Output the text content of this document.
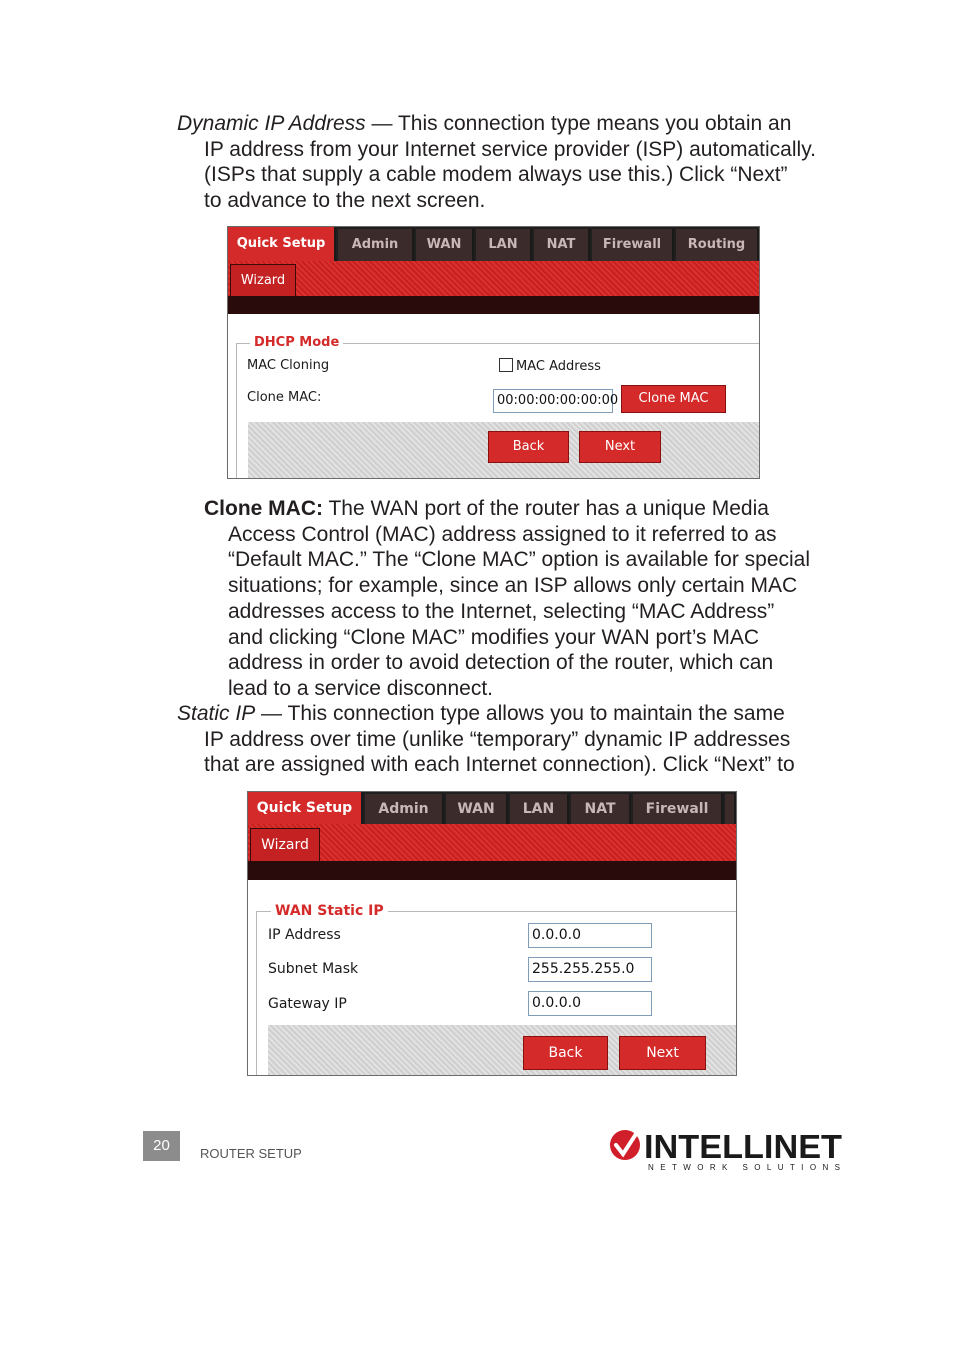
Dynamic IP Address — This connection type means you obtain an
IP address from your Internet service provider (ISP) automatically.
(ISPs that supply a cable modem always use this.) Click “Next”
to advance to the next screen.
Quick Setup	Admin	WAN	LAN	NAT	Firewall	Routing
Wizard
DHCP Mode
MAC Cloning	MAC Address
Clone MAC:	00:00:00:00:00:00	Clone MAC
Back	Next
Clone MAC: The WAN port of the router has a unique Media
Access Control (MAC) address assigned to it referred to as
“Default MAC.” The “Clone MAC” option is available for special
situations; for example, since an ISP allows only certain MAC
addresses access to the Internet, selecting “MAC Address”
and clicking “Clone MAC” modifies your WAN port’s MAC
address in order to avoid detection of the router, which can
lead to a service disconnect.
Static IP — This connection type allows you to maintain the same
IP address over time (unlike “temporary” dynamic IP addresses
that are assigned with each Internet connection). Click “Next” to
Quick Setup	Admin	WAN	LAN	NAT	Firewall
Wizard
WAN Static IP
IP Address	0.0.0.0
Subnet Mask	255.255.255.0
Gateway IP	0.0.0.0
Back	Next
20	ROUTER SETUP	INTELLINET
NETWORK SOLUTIONS
